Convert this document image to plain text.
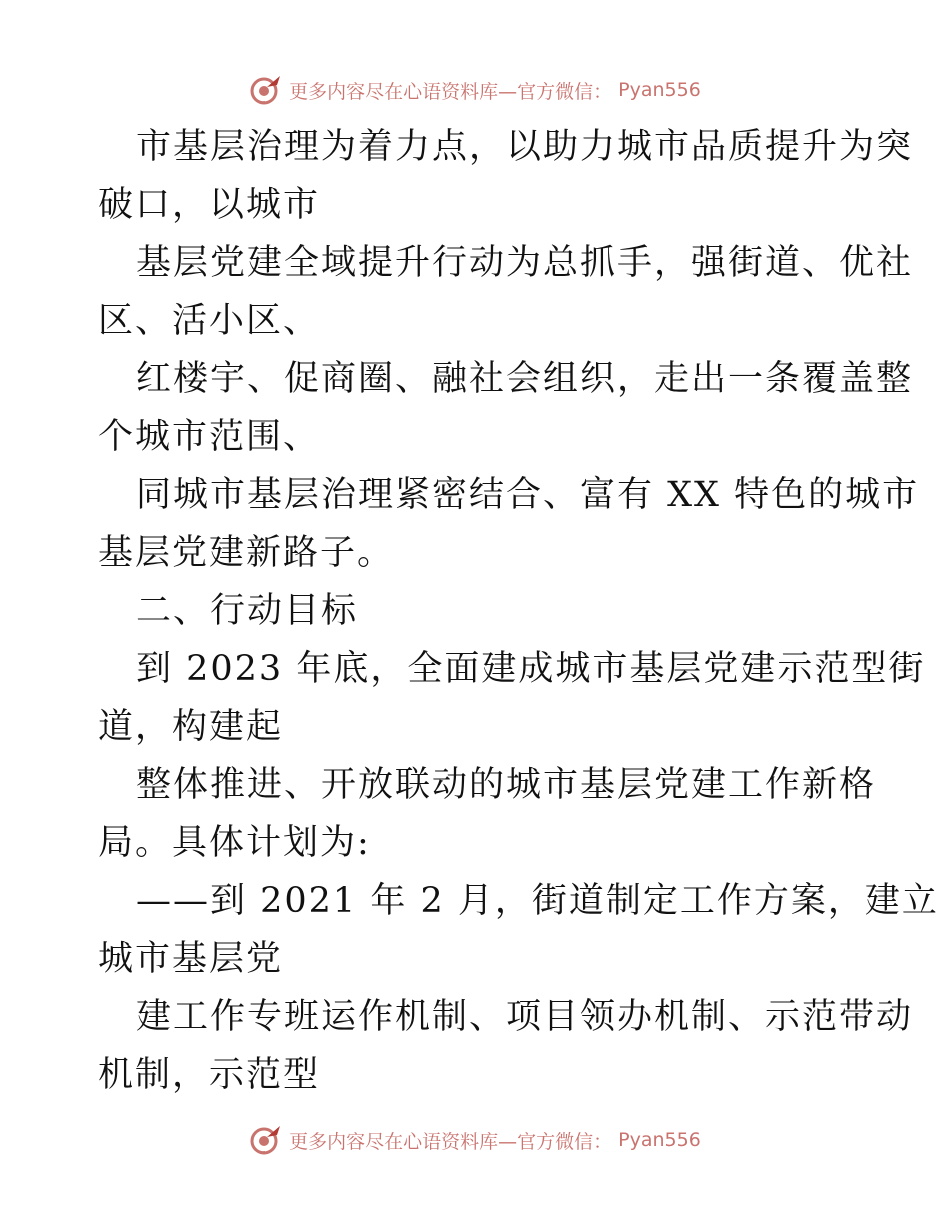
更多内容尽在心语资料库—官方微信： Pyan556
市基层治理为着力点，以助力城市品质提升为突
破口，以城市
基层党建全域提升行动为总抓手，强街道、优社
区、活小区、
红楼宇、促商圈、融社会组织，走出一条覆盖整
个城市范围、
同城市基层治理紧密结合、富有 XX 特色的城市
基层党建新路子。
二、行动目标
到 2023 年底，全面建成城市基层党建示范型街
道，构建起
整体推进、开放联动的城市基层党建工作新格
局。具体计划为:
——到 2021 年 2 月，街道制定工作方案，建立
城市基层党
建工作专班运作机制、项目领办机制、示范带动
机制，示范型
更多内容尽在心语资料库—官方微信： Pyan556
